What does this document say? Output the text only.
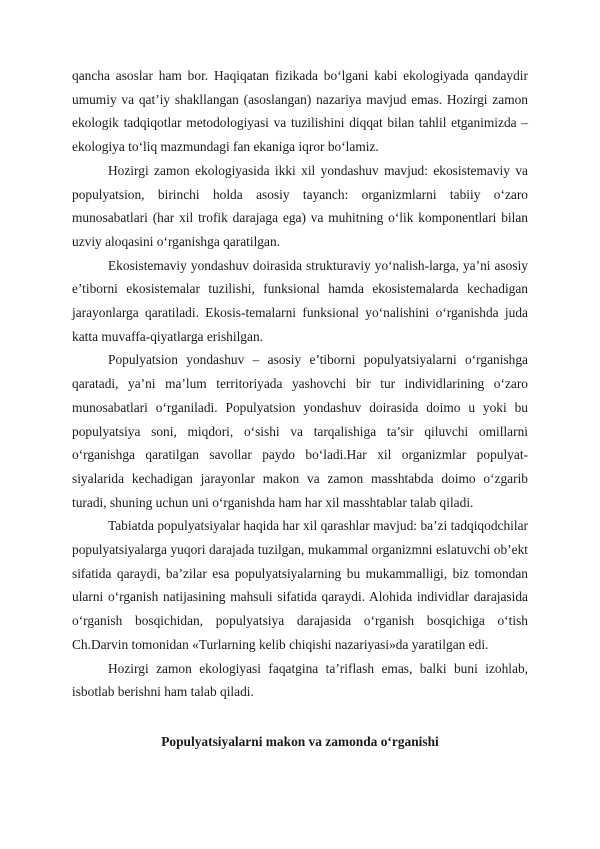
qancha asoslar ham bor. Haqiqatan fizikada bo‘lgani kabi ekologiyada qandaydir umumiy va qat’iy shakllangan (asoslangan) nazariya mavjud emas. Hozirgi zamon ekologik tadqiqotlar metodologiyasi va tuzilishini diqqat bilan tahlil etganimizda – ekologiya to‘liq mazmundagi fan ekaniga iqror bo‘lamiz.

Hozirgi zamon ekologiyasida ikki xil yondashuv mavjud: ekosistemaviy va populyatsion, birinchi holda asosiy tayanch: organizmlarni tabiiy o‘zaro munosabatlari (har xil trofik darajaga ega) va muhitning o‘lik komponentlari bilan uzviy aloqasini o‘rganishga qaratilgan.

Ekosistemaviy yondashuv doirasida strukturaviy yo‘nalish-larga, ya’ni asosiy e’tiborni ekosistemalar tuzilishi, funksional hamda ekosistemalarda kechadigan jarayonlarga qaratiladi. Ekosis-temalarni funksional yo‘nalishini o‘rganishda juda katta muvaffa-qiyatlarga erishilgan.

Populyatsion yondashuv – asosiy e’tiborni populyatsiyalarni o‘rganishga qaratadi, ya’ni ma’lum territoriyada yashovchi bir tur individlarining o‘zaro munosabatlari o‘rganiladi. Populyatsion yondashuv doirasida doimo u yoki bu populyatsiya soni, miqdori, o‘sishi va tarqalishiga ta’sir qiluvchi omillarni o‘rganishga qaratilgan savollar paydo bo‘ladi.Har xil organizmlar populyat-siyalarida kechadigan jarayonlar makon va zamon masshtabda doimo o‘zgarib turadi, shuning uchun uni o‘rganishda ham har xil masshtablar talab qiladi.

Tabiatda populyatsiyalar haqida har xil qarashlar mavjud: ba’zi tadqiqodchilar populyatsiyalarga yuqori darajada tuzilgan, mukammal organizmni eslatuvchi ob’ekt sifatida qaraydi, ba’zilar esa populyatsiyalarning bu mukammalligi, biz tomondan ularni o‘rganish natijasining mahsuli sifatida qaraydi. Alohida individlar darajasida o‘rganish bosqichidan, populyatsiya darajasida o‘rganish bosqichiga o‘tish Ch.Darvin tomonidan «Turlarning kelib chiqishi nazariyasi»da yaratilgan edi.

Hozirgi zamon ekologiyasi faqatgina ta’riflash emas, balki buni izohlab, isbotlab berishni ham talab qiladi.

Populyatsiyalarni makon va zamonda o‘rganishi
